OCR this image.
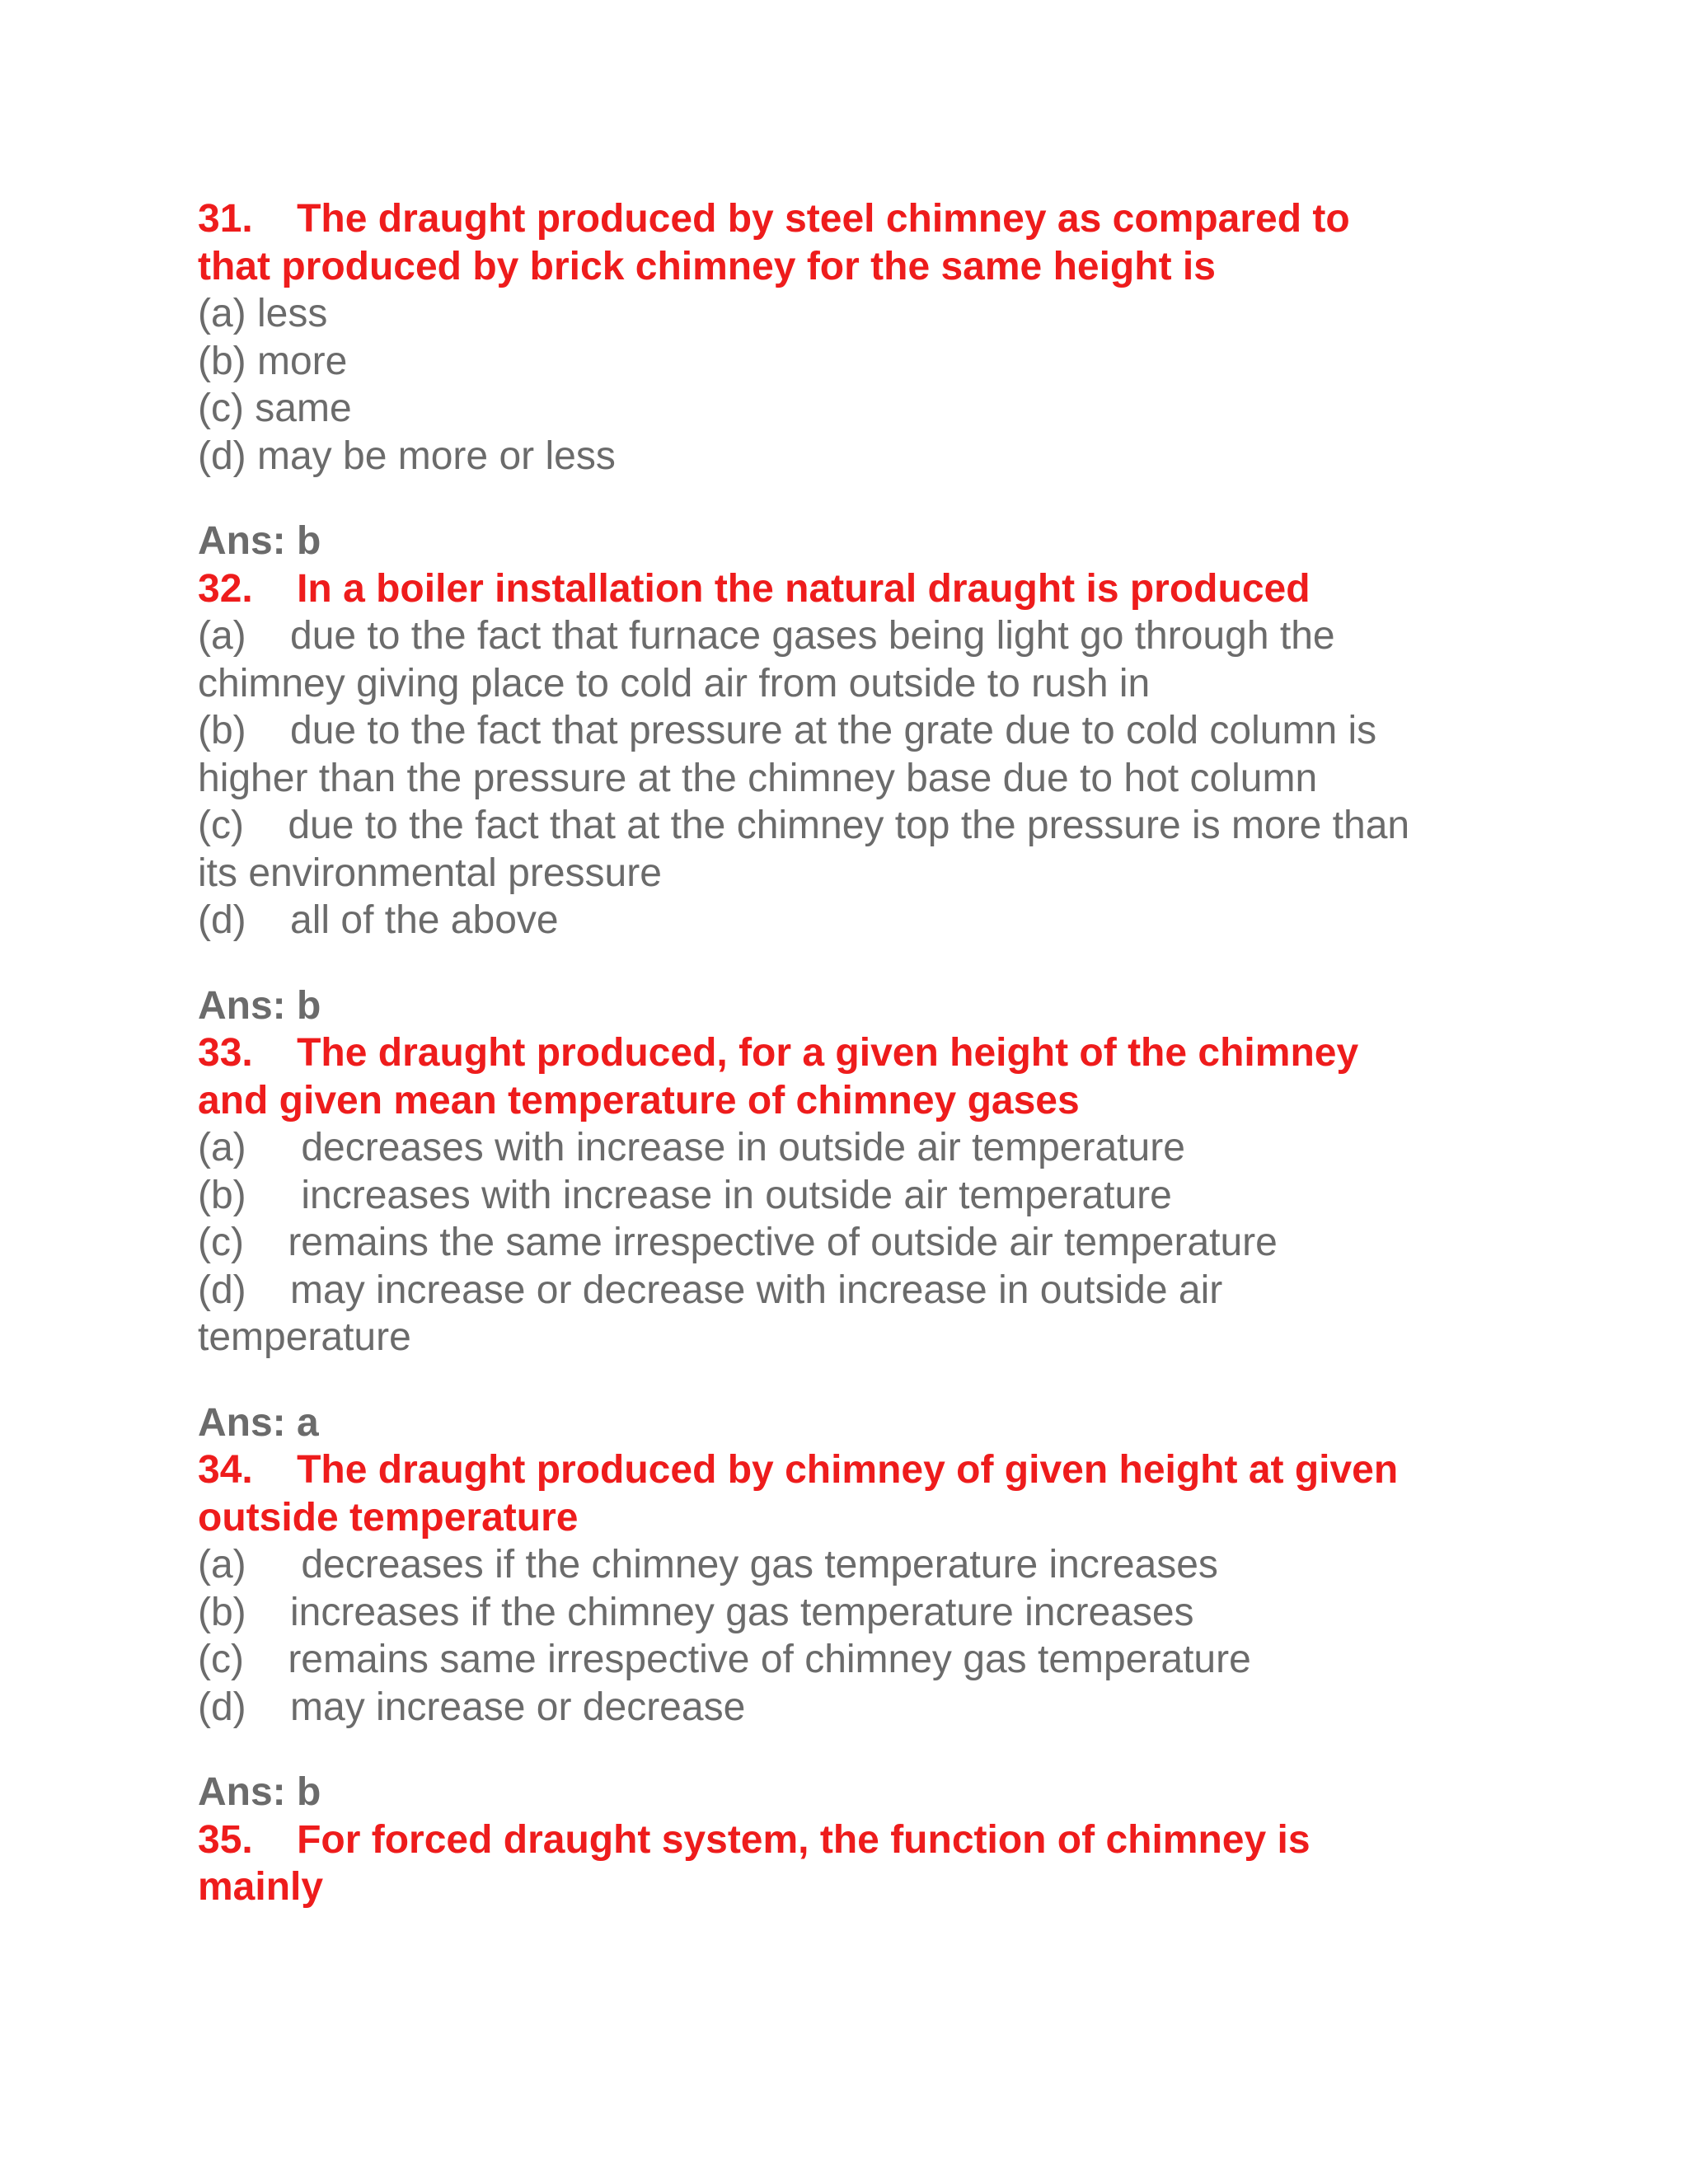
31.    The draught produced by steel chimney as compared to

that produced by brick chimney for the same height is

(a) less

(b) more

(c) same

(d) may be more or less

Ans: b

32.    In a boiler installation the natural draught is produced

(a)    due to the fact that furnace gases being light go through the

chimney giving place to cold air from outside to rush in

(b)    due to the fact that pressure at the grate due to cold column is

higher than the pressure at the chimney base due to hot column

(c)    due to the fact that at the chimney top the pressure is more than

its environmental pressure

(d)    all of the above

Ans: b

33.    The draught produced, for a given height of the chimney

and given mean temperature of chimney gases

(a)     decreases with increase in outside air temperature

(b)     increases with increase in outside air temperature

(c)    remains the same irrespective of outside air temperature

(d)    may increase or decrease with increase in outside air

temperature

Ans: a

34.    The draught produced by chimney of given height at given

outside temperature

(a)     decreases if the chimney gas temperature increases

(b)    increases if the chimney gas temperature increases

(c)    remains same irrespective of chimney gas temperature

(d)    may increase or decrease

Ans: b

35.    For forced draught system, the function of chimney is

mainly
